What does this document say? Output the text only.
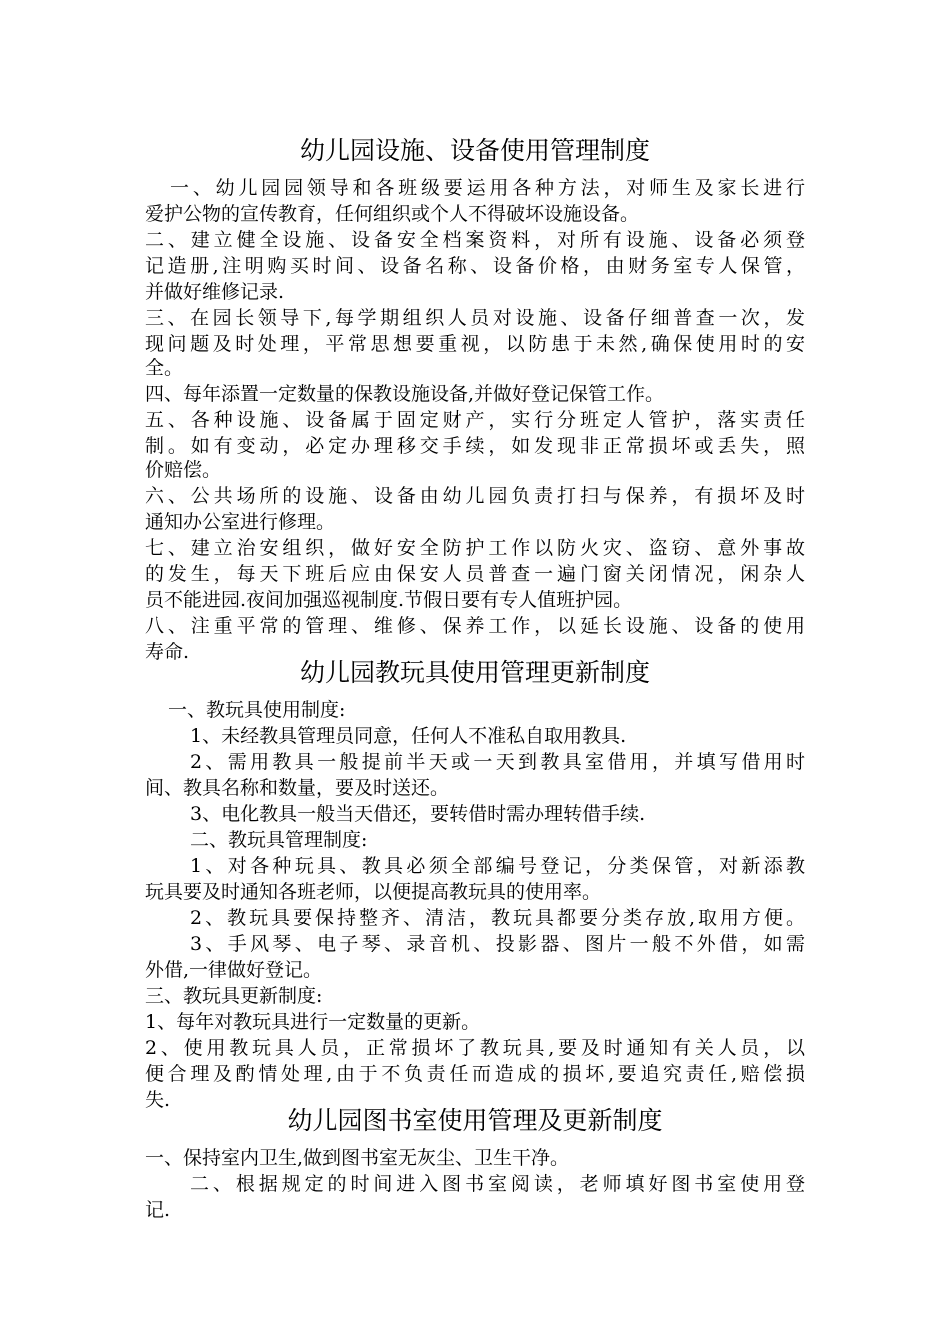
幼儿园设施、设备使用管理制度
一、幼儿园园领导和各班级要运用各种方法，对师生及家长进行
爱护公物的宣传教育，任何组织或个人不得破坏设施设备。
二、建立健全设施、设备安全档案资料，对所有设施、设备必须登
记造册,注明购买时间、设备名称、设备价格，由财务室专人保管，
并做好维修记录.
三、在园长领导下,每学期组织人员对设施、设备仔细普查一次，发
现问题及时处理，平常思想要重视，以防患于未然,确保使用时的安
全。
四、每年添置一定数量的保教设施设备,并做好登记保管工作。
五、各种设施、设备属于固定财产，实行分班定人管护，落实责任
制。如有变动，必定办理移交手续，如发现非正常损坏或丢失，照
价赔偿。
六、公共场所的设施、设备由幼儿园负责打扫与保养，有损坏及时
通知办公室进行修理。
七、建立治安组织，做好安全防护工作以防火灾、盗窃、意外事故
的发生，每天下班后应由保安人员普查一遍门窗关闭情况，闲杂人
员不能进园.夜间加强巡视制度.节假日要有专人值班护园。
八、注重平常的管理、维修、保养工作，以延长设施、设备的使用
寿命.
幼儿园教玩具使用管理更新制度
一、教玩具使用制度:
1、未经教具管理员同意，任何人不准私自取用教具.
2、需用教具一般提前半天或一天到教具室借用，并填写借用时
间、教具名称和数量，要及时送还。
3、电化教具一般当天借还，要转借时需办理转借手续.
二、教玩具管理制度:
1、对各种玩具、教具必须全部编号登记，分类保管，对新添教
玩具要及时通知各班老师，以便提高教玩具的使用率。
2、教玩具要保持整齐、清洁，教玩具都要分类存放,取用方便。
3、手风琴、电子琴、录音机、投影器、图片一般不外借，如需
外借,一律做好登记。
三、教玩具更新制度:
1、每年对教玩具进行一定数量的更新。
2、使用教玩具人员，正常损坏了教玩具,要及时通知有关人员，以
便合理及酌情处理,由于不负责任而造成的损坏,要追究责任,赔偿损
失.
幼儿园图书室使用管理及更新制度
一、保持室内卫生,做到图书室无灰尘、卫生干净。
二、根据规定的时间进入图书室阅读，老师填好图书室使用登
记.
